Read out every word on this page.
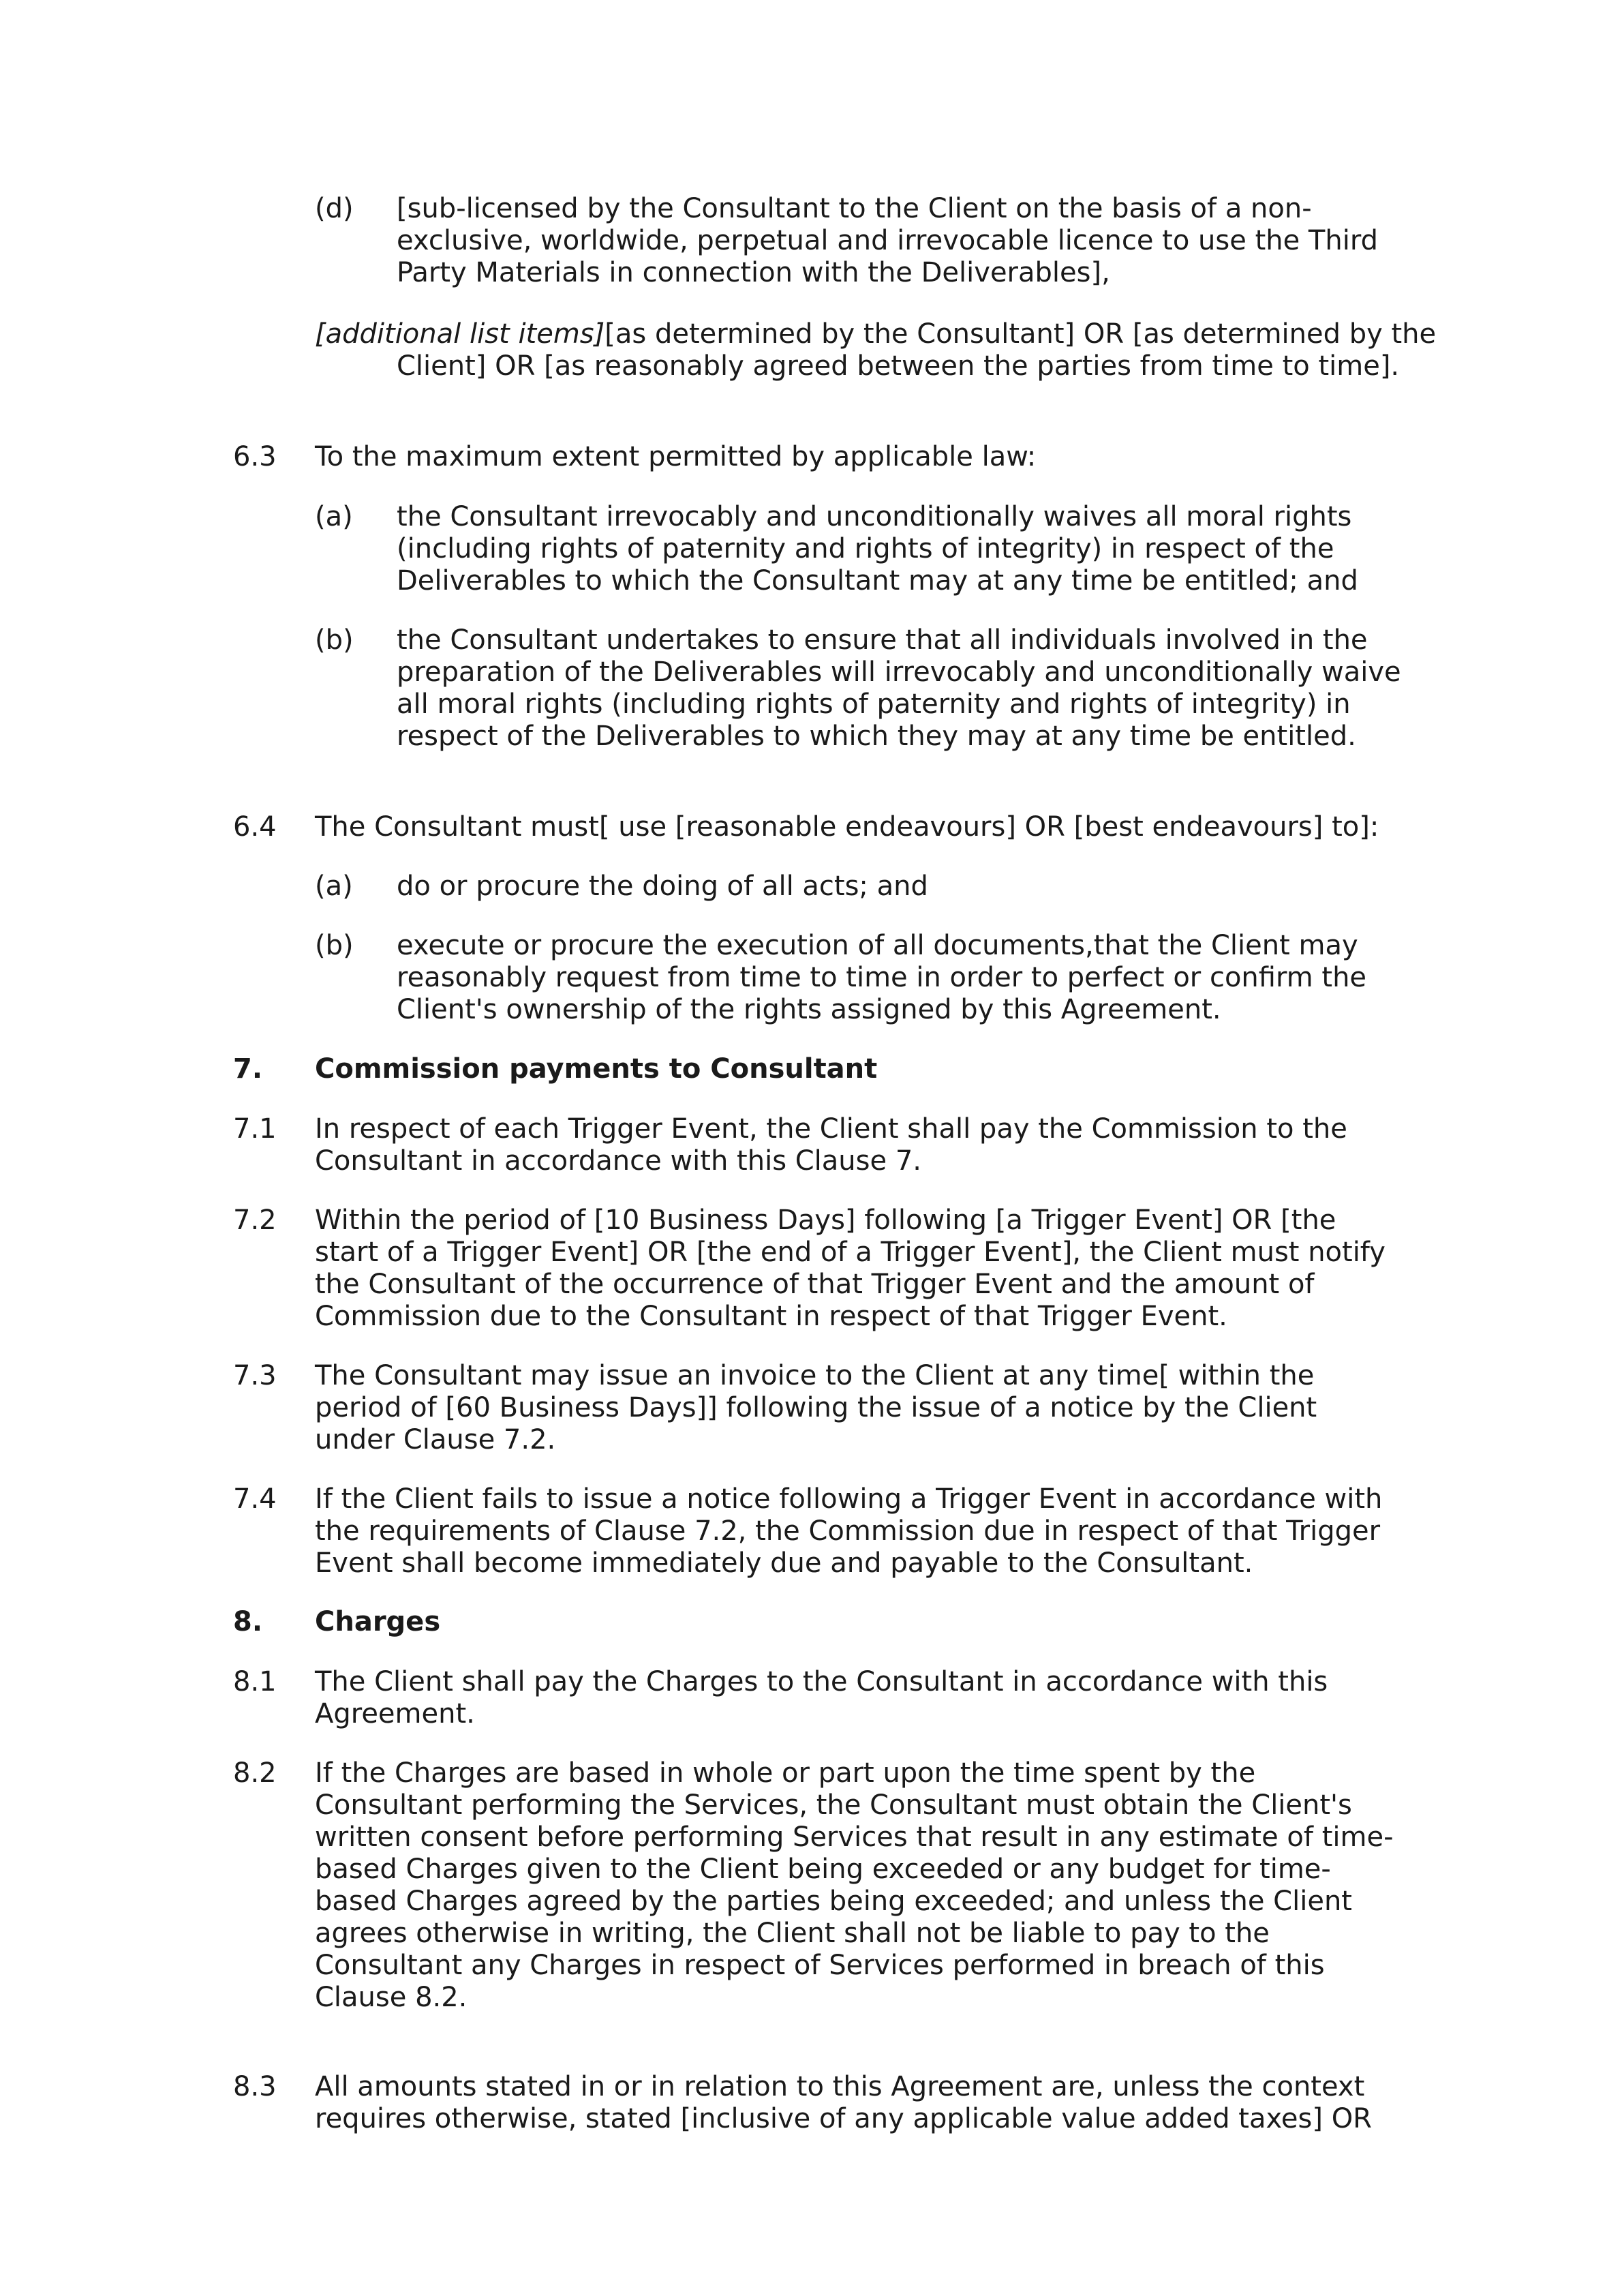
(d) [sub-licensed by the Consultant to the Client on the basis of a non-exclusive, worldwide, perpetual and irrevocable licence to use the Third Party Materials in connection with the Deliverables],
[additional list items][as determined by the Consultant] OR [as determined by the Client] OR [as reasonably agreed between the parties from time to time].
6.3 To the maximum extent permitted by applicable law:
(a) the Consultant irrevocably and unconditionally waives all moral rights (including rights of paternity and rights of integrity) in respect of the Deliverables to which the Consultant may at any time be entitled; and
(b) the Consultant undertakes to ensure that all individuals involved in the preparation of the Deliverables will irrevocably and unconditionally waive all moral rights (including rights of paternity and rights of integrity) in respect of the Deliverables to which they may at any time be entitled.
6.4 The Consultant must[ use [reasonable endeavours] OR [best endeavours] to]:
(a) do or procure the doing of all acts; and
(b) execute or procure the execution of all documents,that the Client may reasonably request from time to time in order to perfect or confirm the Client's ownership of the rights assigned by this Agreement.
7. Commission payments to Consultant
7.1 In respect of each Trigger Event, the Client shall pay the Commission to the Consultant in accordance with this Clause 7.
7.2 Within the period of [10 Business Days] following [a Trigger Event] OR [the start of a Trigger Event] OR [the end of a Trigger Event], the Client must notify the Consultant of the occurrence of that Trigger Event and the amount of Commission due to the Consultant in respect of that Trigger Event.
7.3 The Consultant may issue an invoice to the Client at any time[ within the period of [60 Business Days]] following the issue of a notice by the Client under Clause 7.2.
7.4 If the Client fails to issue a notice following a Trigger Event in accordance with the requirements of Clause 7.2, the Commission due in respect of that Trigger Event shall become immediately due and payable to the Consultant.
8. Charges
8.1 The Client shall pay the Charges to the Consultant in accordance with this Agreement.
8.2 If the Charges are based in whole or part upon the time spent by the Consultant performing the Services, the Consultant must obtain the Client's written consent before performing Services that result in any estimate of time-based Charges given to the Client being exceeded or any budget for time-based Charges agreed by the parties being exceeded; and unless the Client agrees otherwise in writing, the Client shall not be liable to pay to the Consultant any Charges in respect of Services performed in breach of this Clause 8.2.
8.3 All amounts stated in or in relation to this Agreement are, unless the context requires otherwise, stated [inclusive of any applicable value added taxes] OR
